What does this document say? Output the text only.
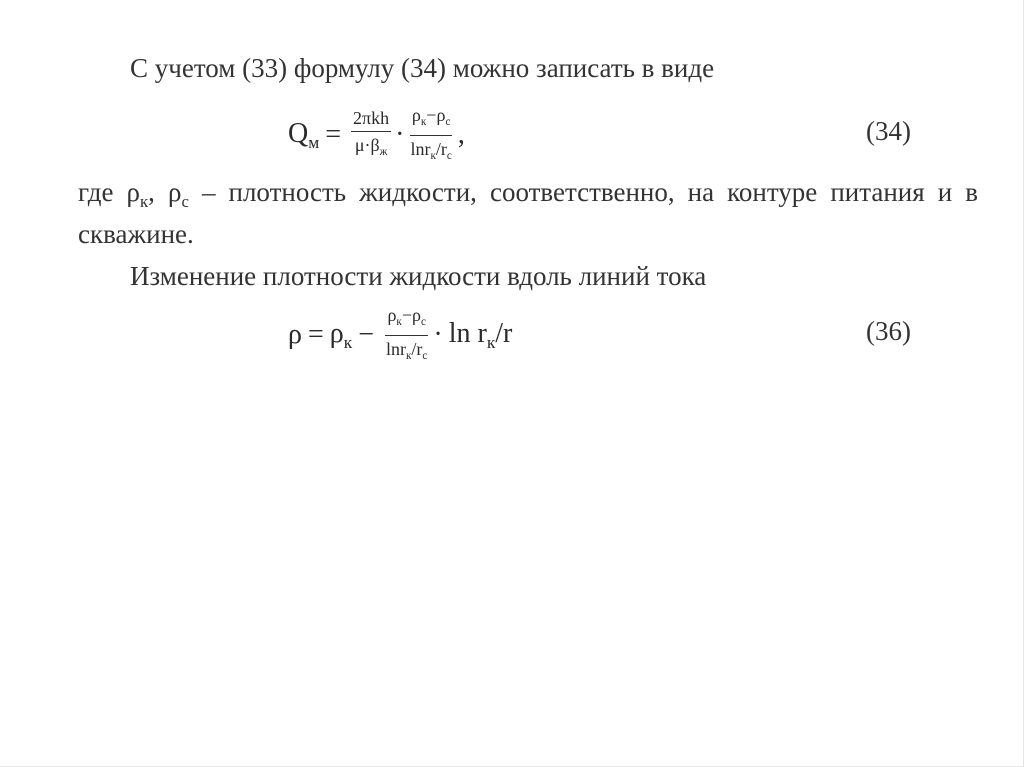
С учетом (33) формулу (34) можно записать в виде
$Q_м = \frac{\text{2πkh}}{\mu\cdot\beta_ж} \cdot \frac{\rho_к-\rho_с}{\ln r_к/r_с}$ ,	(34)
где $\rho_к$, $\rho_с$ – плотность жидкости, соответственно, на контуре питания и в скважине.
Изменение плотности жидкости вдоль линий тока
$\rho = \rho_к - \frac{\rho_к-\rho_с}{\ln r_к/r_с} \cdot \ln r_к/r$	(36)
